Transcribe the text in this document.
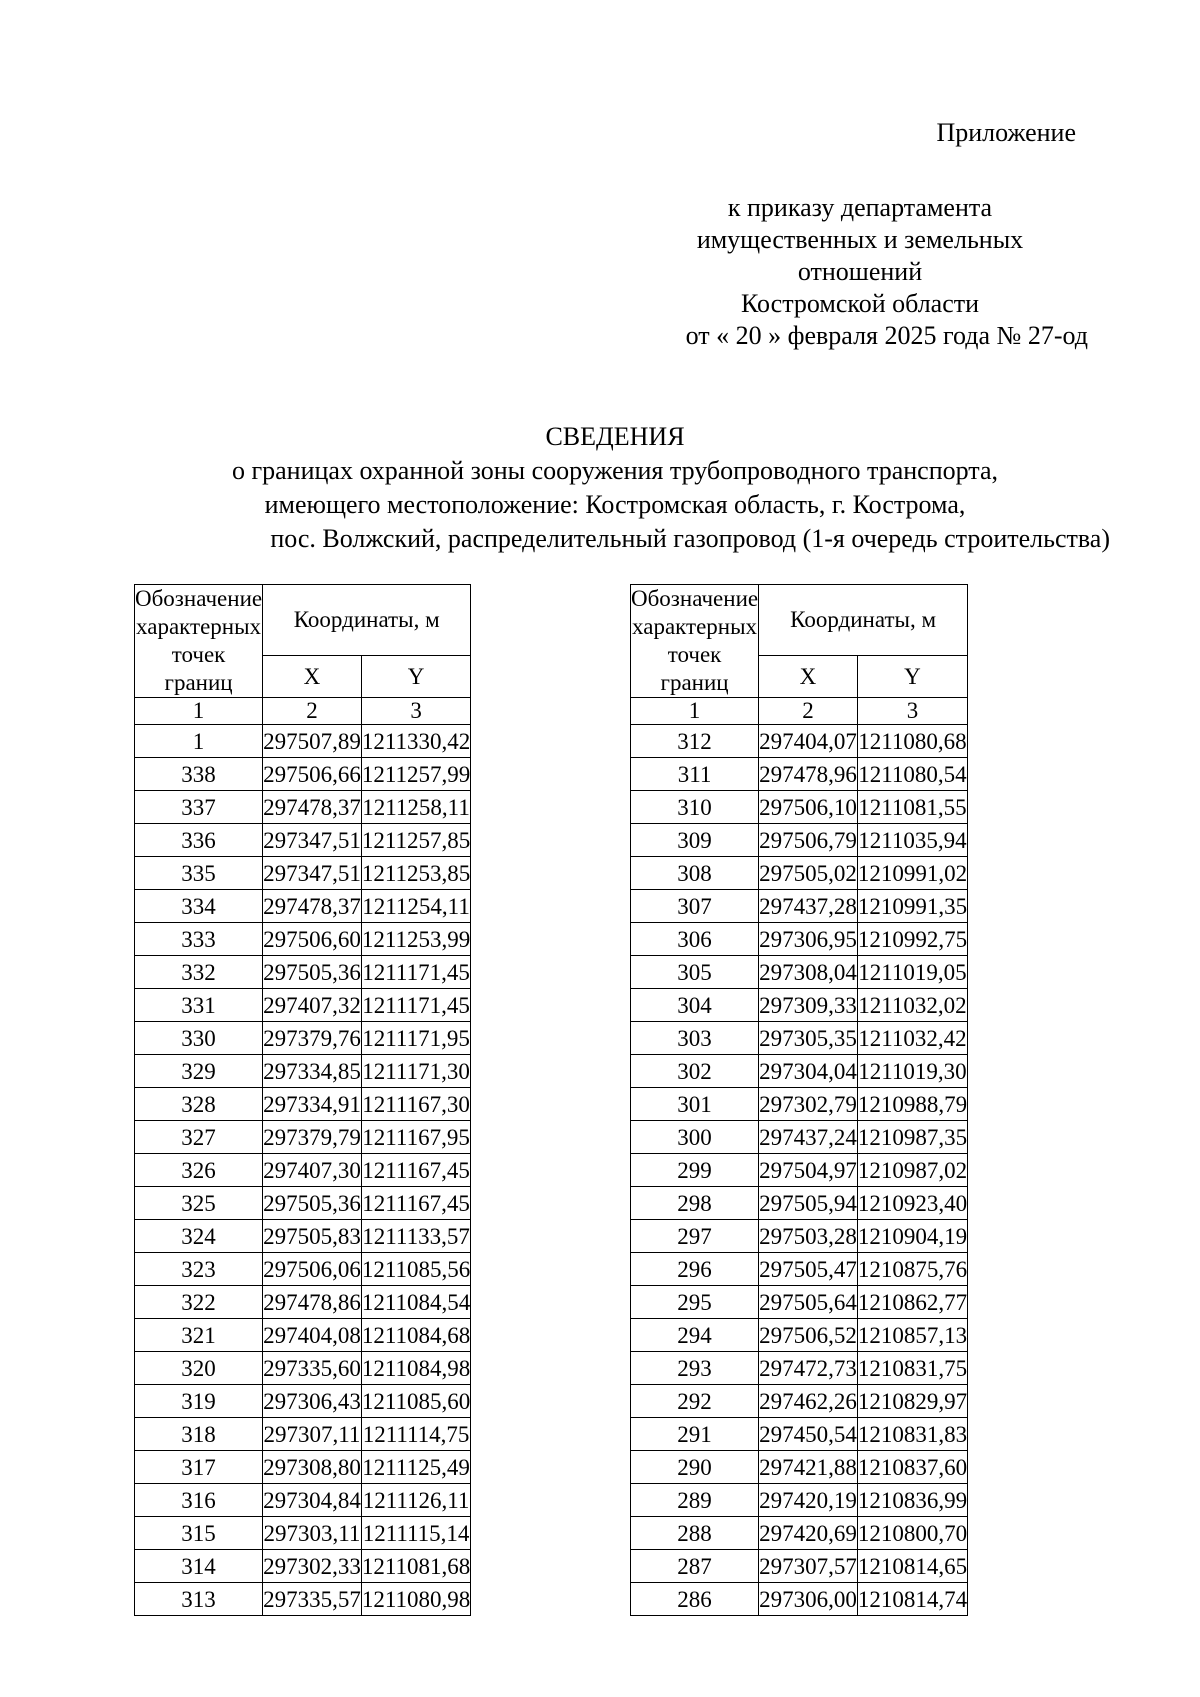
Приложение
к приказу департамента
имущественных и земельных
отношений
Костромской области
от « 20 » февраля 2025 года № 27-од
СВЕДЕНИЯ
о границах охранной зоны сооружения трубопроводного транспорта,
имеющего местоположение: Костромская область, г. Кострома,
пос. Волжский, распределительный газопровод (1-я очередь строительства)
Обозначение характерных точек границ	Координаты, м	
	X	Y
1	2	3
1	297507,89	1211330,42
338	297506,66	1211257,99
337	297478,37	1211258,11
336	297347,51	1211257,85
335	297347,51	1211253,85
334	297478,37	1211254,11
333	297506,60	1211253,99
332	297505,36	1211171,45
331	297407,32	1211171,45
330	297379,76	1211171,95
329	297334,85	1211171,30
328	297334,91	1211167,30
327	297379,79	1211167,95
326	297407,30	1211167,45
325	297505,36	1211167,45
324	297505,83	1211133,57
323	297506,06	1211085,56
322	297478,86	1211084,54
321	297404,08	1211084,68
320	297335,60	1211084,98
319	297306,43	1211085,60
318	297307,11	1211114,75
317	297308,80	1211125,49
316	297304,84	1211126,11
315	297303,11	1211115,14
314	297302,33	1211081,68
313	297335,57	1211080,98
Обозначение характерных точек границ	Координаты, м	
	X	Y
1	2	3
312	297404,07	1211080,68
311	297478,96	1211080,54
310	297506,10	1211081,55
309	297506,79	1211035,94
308	297505,02	1210991,02
307	297437,28	1210991,35
306	297306,95	1210992,75
305	297308,04	1211019,05
304	297309,33	1211032,02
303	297305,35	1211032,42
302	297304,04	1211019,30
301	297302,79	1210988,79
300	297437,24	1210987,35
299	297504,97	1210987,02
298	297505,94	1210923,40
297	297503,28	1210904,19
296	297505,47	1210875,76
295	297505,64	1210862,77
294	297506,52	1210857,13
293	297472,73	1210831,75
292	297462,26	1210829,97
291	297450,54	1210831,83
290	297421,88	1210837,60
289	297420,19	1210836,99
288	297420,69	1210800,70
287	297307,57	1210814,65
286	297306,00	1210814,74
